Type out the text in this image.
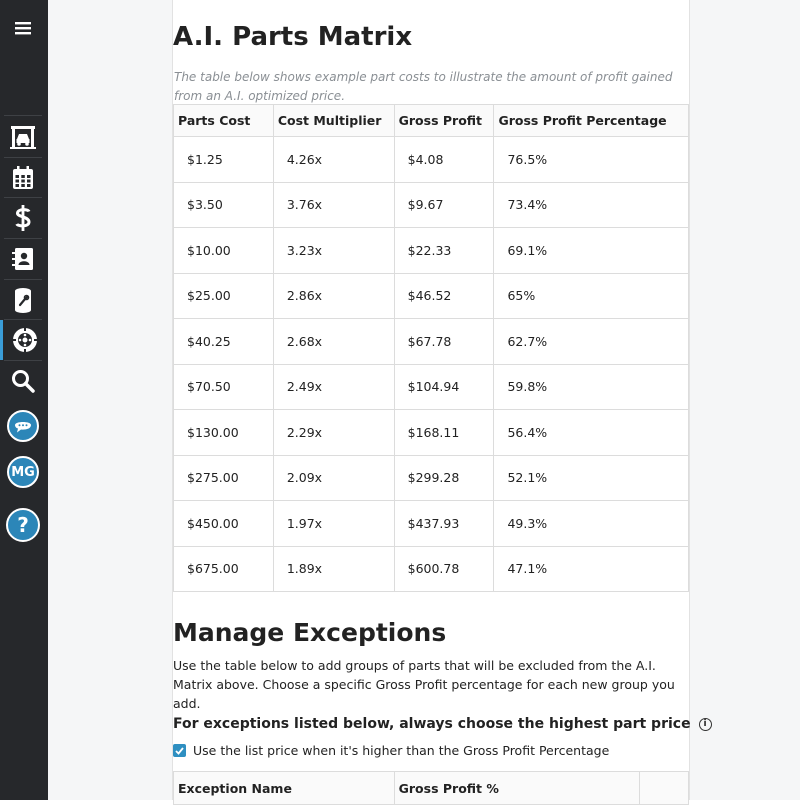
MG
?
A.I. Parts Matrix
The table below shows example part costs to illustrate the amount of profit gained from an A.I. optimized price.
Parts Cost	Cost Multiplier	Gross Profit	Gross Profit Percentage
$1.25	4.26x	$4.08	76.5%
$3.50	3.76x	$9.67	73.4%
$10.00	3.23x	$22.33	69.1%
$25.00	2.86x	$46.52	65%
$40.25	2.68x	$67.78	62.7%
$70.50	2.49x	$104.94	59.8%
$130.00	2.29x	$168.11	56.4%
$275.00	2.09x	$299.28	52.1%
$450.00	1.97x	$437.93	49.3%
$675.00	1.89x	$600.78	47.1%
Manage Exceptions
Use the table below to add groups of parts that will be excluded from the A.I. Matrix above. Choose a specific Gross Profit percentage for each new group you add.
For exceptions listed below, always choose the highest part price	i
Use the list price when it's higher than the Gross Profit Percentage
Exception Name	Gross Profit %	
